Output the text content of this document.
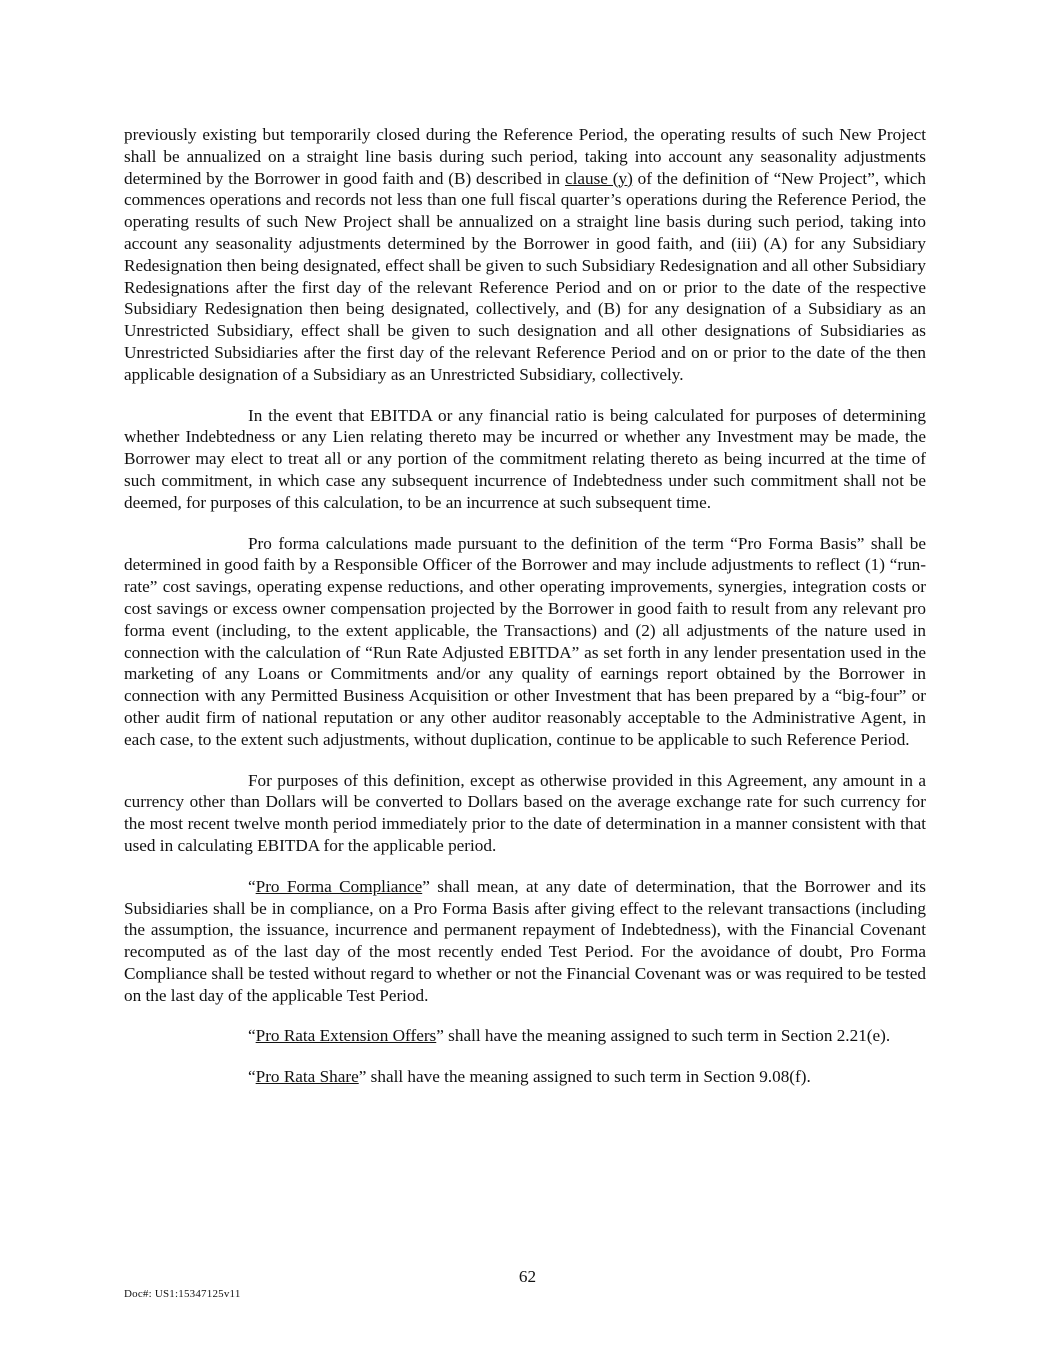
previously existing but temporarily closed during the Reference Period, the operating results of such New Project shall be annualized on a straight line basis during such period, taking into account any seasonality adjustments determined by the Borrower in good faith and (B) described in clause (y) of the definition of “New Project”, which commences operations and records not less than one full fiscal quarter’s operations during the Reference Period, the operating results of such New Project shall be annualized on a straight line basis during such period, taking into account any seasonality adjustments determined by the Borrower in good faith, and (iii) (A) for any Subsidiary Redesignation then being designated, effect shall be given to such Subsidiary Redesignation and all other Subsidiary Redesignations after the first day of the relevant Reference Period and on or prior to the date of the respective Subsidiary Redesignation then being designated, collectively, and (B) for any designation of a Subsidiary as an Unrestricted Subsidiary, effect shall be given to such designation and all other designations of Subsidiaries as Unrestricted Subsidiaries after the first day of the relevant Reference Period and on or prior to the date of the then applicable designation of a Subsidiary as an Unrestricted Subsidiary, collectively.

In the event that EBITDA or any financial ratio is being calculated for purposes of determining whether Indebtedness or any Lien relating thereto may be incurred or whether any Investment may be made, the Borrower may elect to treat all or any portion of the commitment relating thereto as being incurred at the time of such commitment, in which case any subsequent incurrence of Indebtedness under such commitment shall not be deemed, for purposes of this calculation, to be an incurrence at such subsequent time.

Pro forma calculations made pursuant to the definition of the term “Pro Forma Basis” shall be determined in good faith by a Responsible Officer of the Borrower and may include adjustments to reflect (1) “run-rate” cost savings, operating expense reductions, and other operating improvements, synergies, integration costs or cost savings or excess owner compensation projected by the Borrower in good faith to result from any relevant pro forma event (including, to the extent applicable, the Transactions) and (2) all adjustments of the nature used in connection with the calculation of “Run Rate Adjusted EBITDA” as set forth in any lender presentation used in the marketing of any Loans or Commitments and/or any quality of earnings report obtained by the Borrower in connection with any Permitted Business Acquisition or other Investment that has been prepared by a “big-four” or other audit firm of national reputation or any other auditor reasonably acceptable to the Administrative Agent, in each case, to the extent such adjustments, without duplication, continue to be applicable to such Reference Period.

For purposes of this definition, except as otherwise provided in this Agreement, any amount in a currency other than Dollars will be converted to Dollars based on the average exchange rate for such currency for the most recent twelve month period immediately prior to the date of determination in a manner consistent with that used in calculating EBITDA for the applicable period.

“Pro Forma Compliance” shall mean, at any date of determination, that the Borrower and its Subsidiaries shall be in compliance, on a Pro Forma Basis after giving effect to the relevant transactions (including the assumption, the issuance, incurrence and permanent repayment of Indebtedness), with the Financial Covenant recomputed as of the last day of the most recently ended Test Period. For the avoidance of doubt, Pro Forma Compliance shall be tested without regard to whether or not the Financial Covenant was or was required to be tested on the last day of the applicable Test Period.

“Pro Rata Extension Offers” shall have the meaning assigned to such term in Section 2.21(e).

“Pro Rata Share” shall have the meaning assigned to such term in Section 9.08(f).

62
Doc#: US1:15347125v11
